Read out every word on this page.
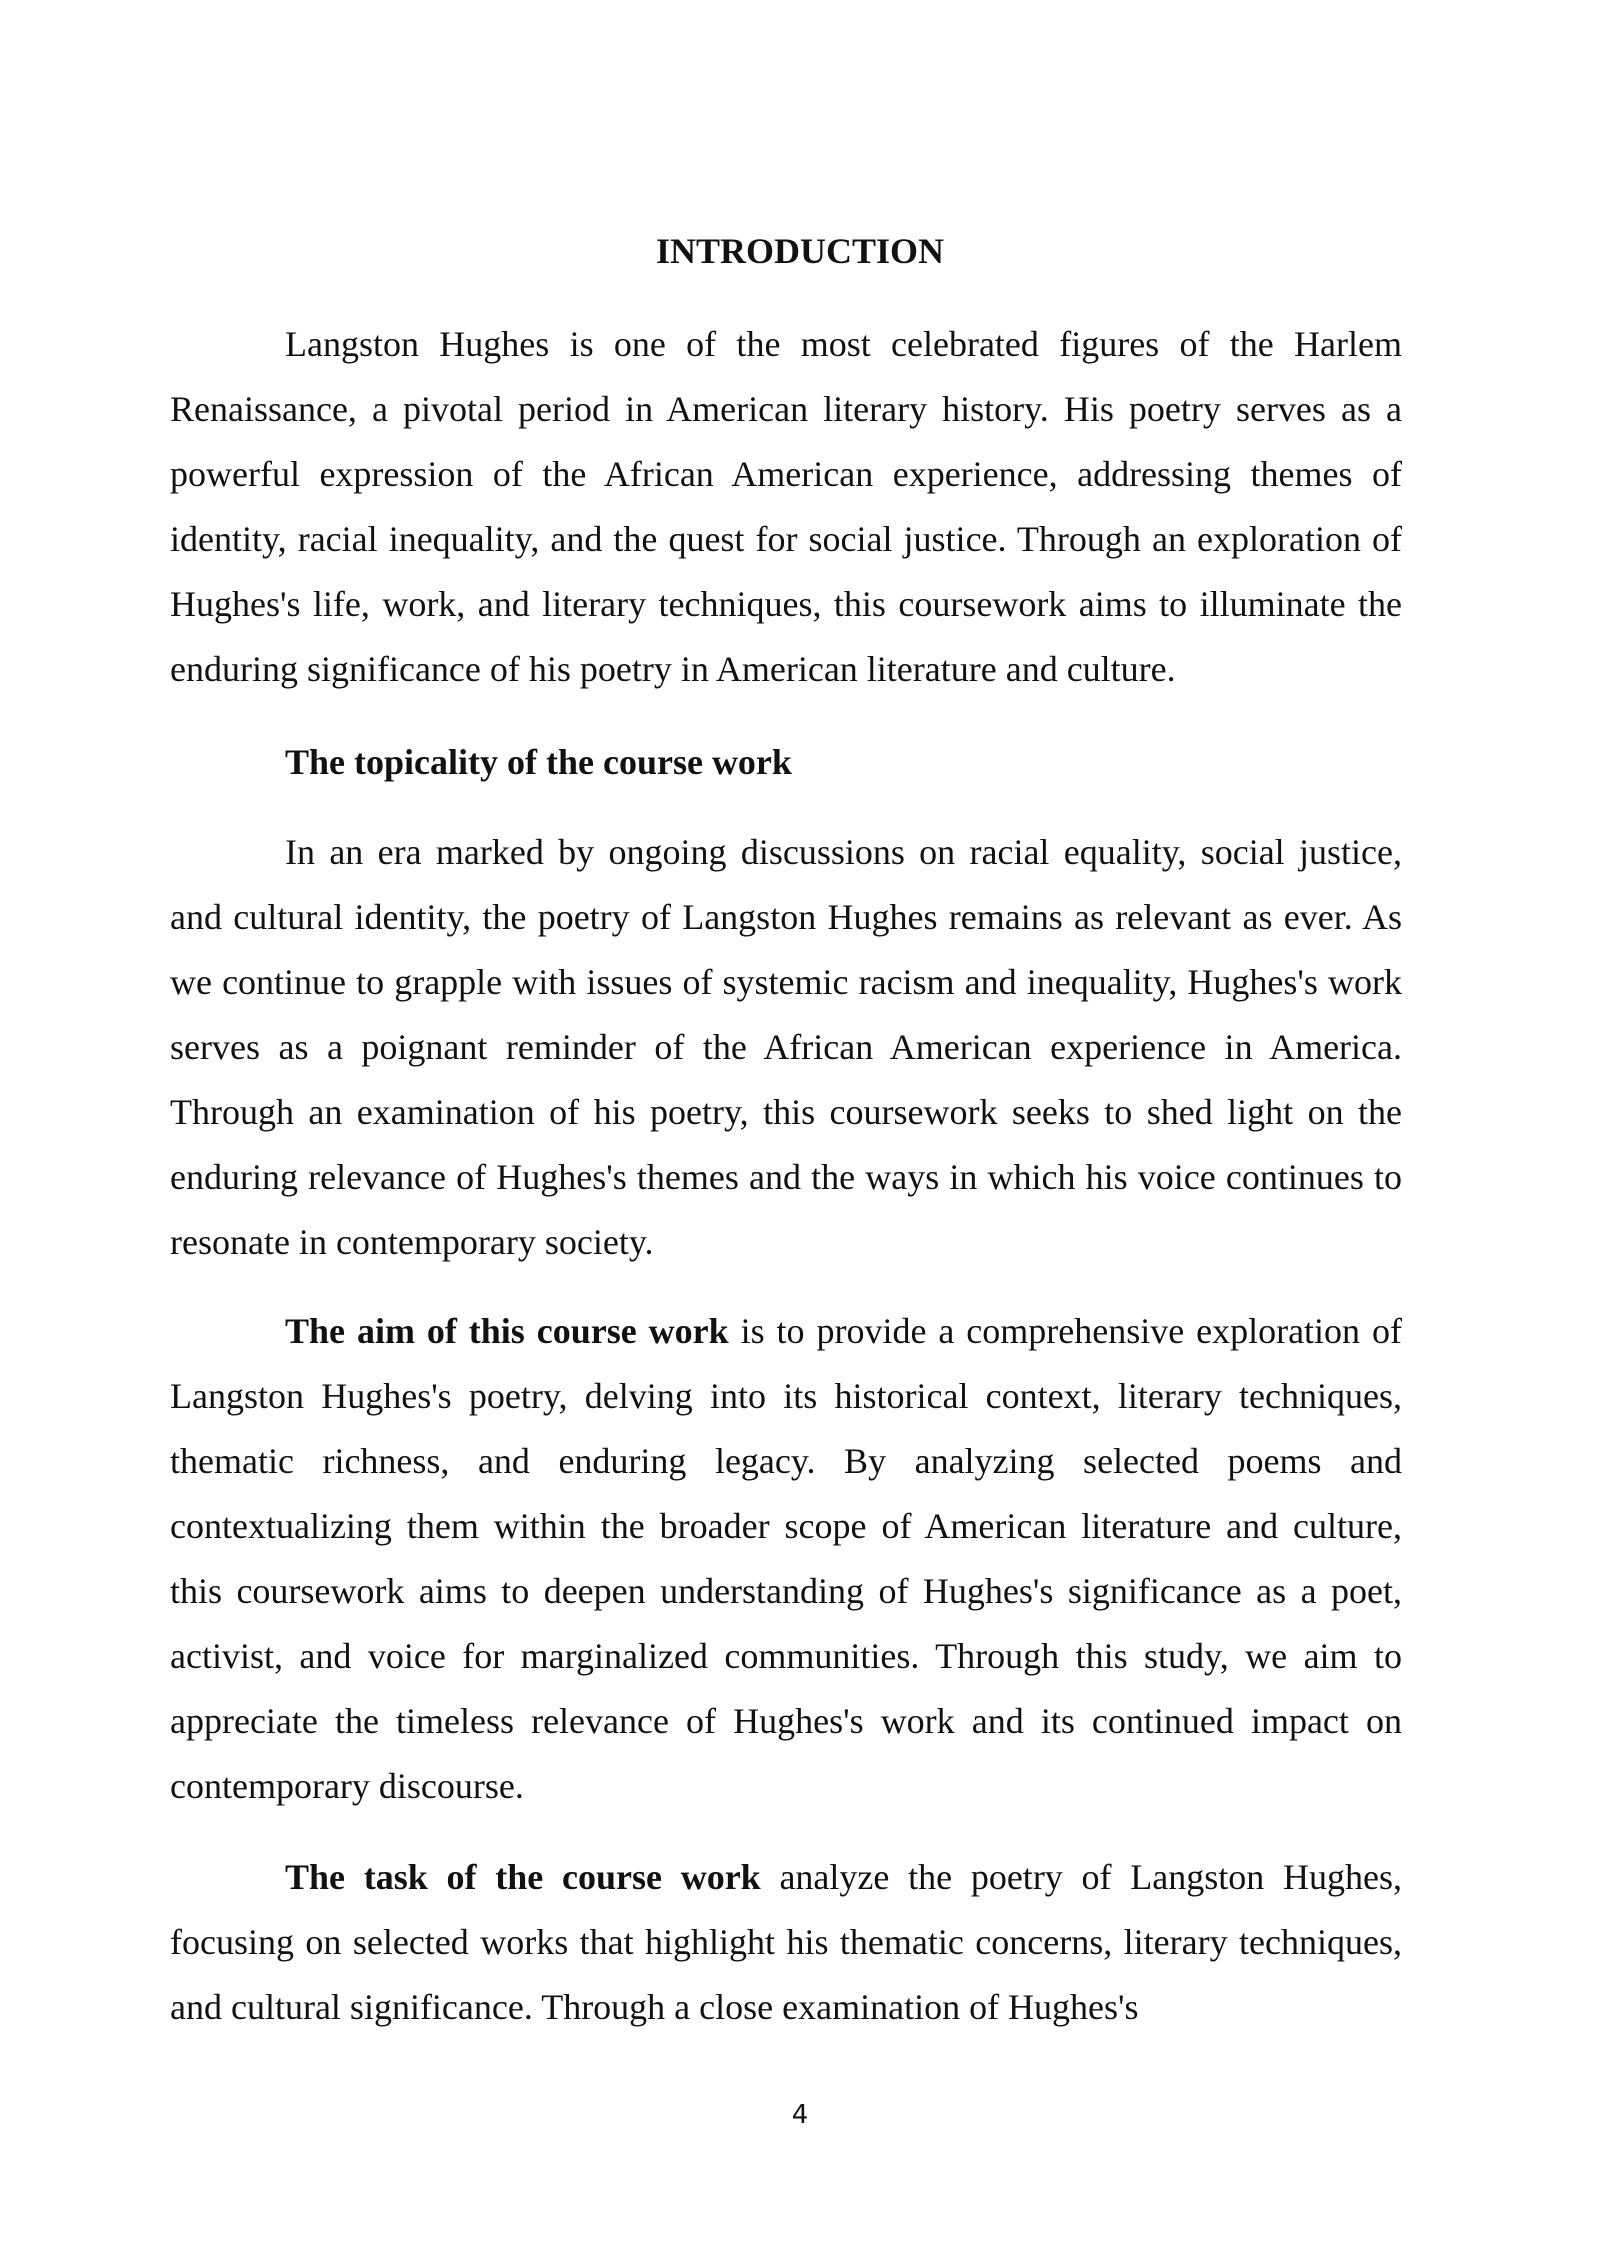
INTRODUCTION

Langston Hughes is one of the most celebrated figures of the Harlem Renaissance, a pivotal period in American literary history. His poetry serves as a powerful expression of the African American experience, addressing themes of identity, racial inequality, and the quest for social justice. Through an exploration of Hughes's life, work, and literary techniques, this coursework aims to illuminate the enduring significance of his poetry in American literature and culture.

The topicality of the course work

In an era marked by ongoing discussions on racial equality, social justice, and cultural identity, the poetry of Langston Hughes remains as relevant as ever. As we continue to grapple with issues of systemic racism and inequality, Hughes's work serves as a poignant reminder of the African American experience in America. Through an examination of his poetry, this coursework seeks to shed light on the enduring relevance of Hughes's themes and the ways in which his voice continues to resonate in contemporary society.

The aim of this course work is to provide a comprehensive exploration of Langston Hughes's poetry, delving into its historical context, literary techniques, thematic richness, and enduring legacy. By analyzing selected poems and contextualizing them within the broader scope of American literature and culture, this coursework aims to deepen understanding of Hughes's significance as a poet, activist, and voice for marginalized communities. Through this study, we aim to appreciate the timeless relevance of Hughes's work and its continued impact on contemporary discourse.

The task of the course work analyze the poetry of Langston Hughes, focusing on selected works that highlight his thematic concerns, literary techniques, and cultural significance. Through a close examination of Hughes's

4
